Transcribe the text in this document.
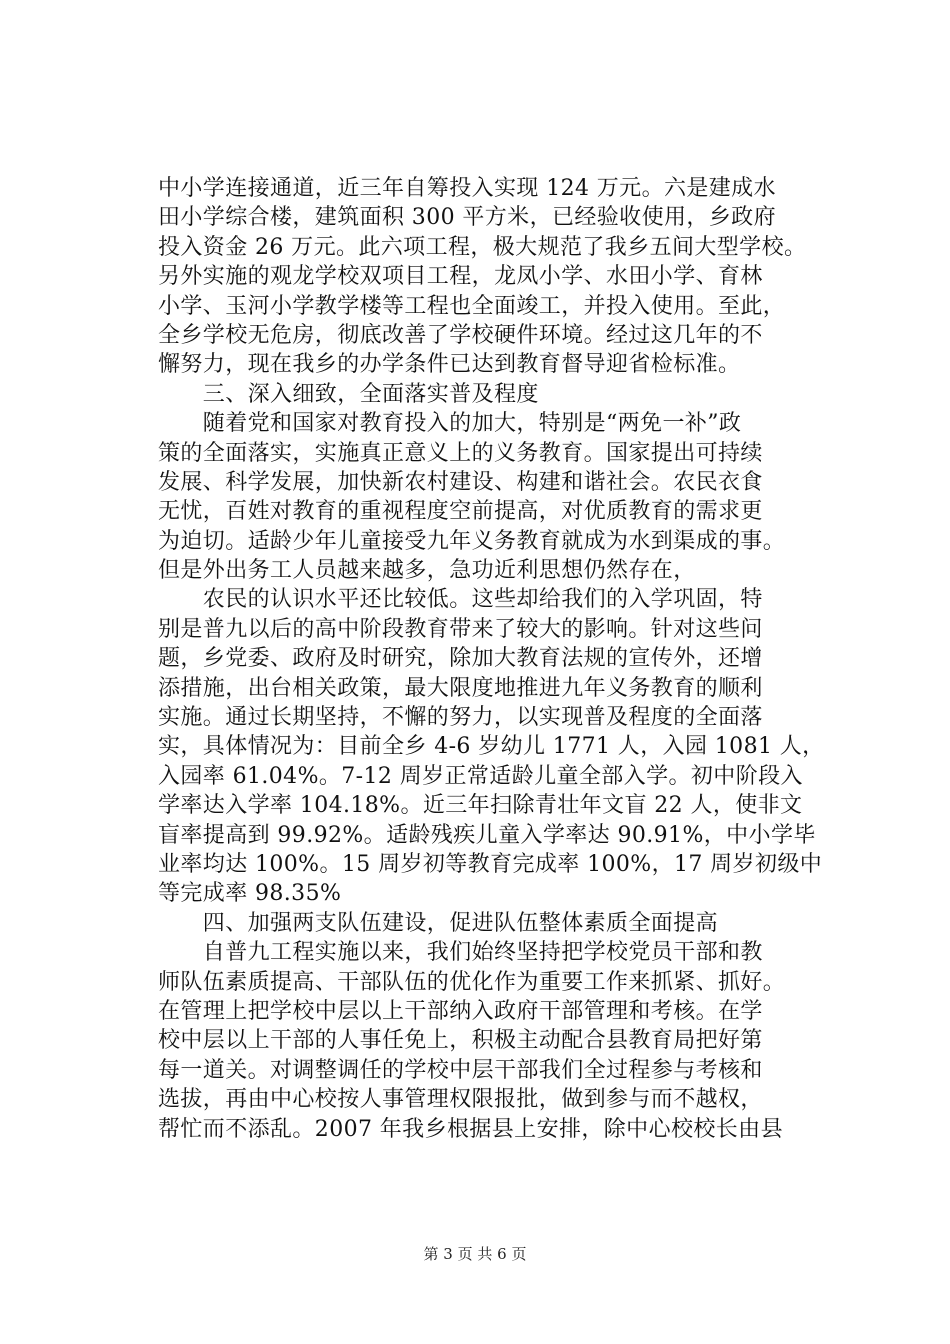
中小学连接通道，近三年自筹投入实现 124 万元。六是建成水
田小学综合楼，建筑面积 300 平方米，已经验收使用，乡政府
投入资金 26 万元。此六项工程，极大规范了我乡五间大型学校。
另外实施的观龙学校双项目工程，龙凤小学、水田小学、育林
小学、玉河小学教学楼等工程也全面竣工，并投入使用。至此，
全乡学校无危房，彻底改善了学校硬件环境。经过这几年的不
懈努力，现在我乡的办学条件已达到教育督导迎省检标准。
　　三、深入细致，全面落实普及程度
　　随着党和国家对教育投入的加大，特别是“两免一补”政
策的全面落实，实施真正意义上的义务教育。国家提出可持续
发展、科学发展，加快新农村建设、构建和谐社会。农民衣食
无忧，百姓对教育的重视程度空前提高，对优质教育的需求更
为迫切。适龄少年儿童接受九年义务教育就成为水到渠成的事。
但是外出务工人员越来越多，急功近利思想仍然存在，
　　农民的认识水平还比较低。这些却给我们的入学巩固，特
别是普九以后的高中阶段教育带来了较大的影响。针对这些问
题，乡党委、政府及时研究，除加大教育法规的宣传外，还增
添措施，出台相关政策，最大限度地推进九年义务教育的顺利
实施。通过长期坚持，不懈的努力，以实现普及程度的全面落
实，具体情况为：目前全乡 4-6 岁幼儿 1771 人，入园 1081 人，
入园率 61.04%。7-12 周岁正常适龄儿童全部入学。初中阶段入
学率达入学率 104.18%。近三年扫除青壮年文盲 22 人，使非文
盲率提高到 99.92%。适龄残疾儿童入学率达 90.91%，中小学毕
业率均达 100%。15 周岁初等教育完成率 100%，17 周岁初级中
等完成率 98.35%
　　四、加强两支队伍建设，促进队伍整体素质全面提高
　　自普九工程实施以来，我们始终坚持把学校党员干部和教
师队伍素质提高、干部队伍的优化作为重要工作来抓紧、抓好。
在管理上把学校中层以上干部纳入政府干部管理和考核。在学
校中层以上干部的人事任免上，积极主动配合县教育局把好第
每一道关。对调整调任的学校中层干部我们全过程参与考核和
选拔，再由中心校按人事管理权限报批，做到参与而不越权，
帮忙而不添乱。2007 年我乡根据县上安排，除中心校校长由县
第 3 页 共 6 页
